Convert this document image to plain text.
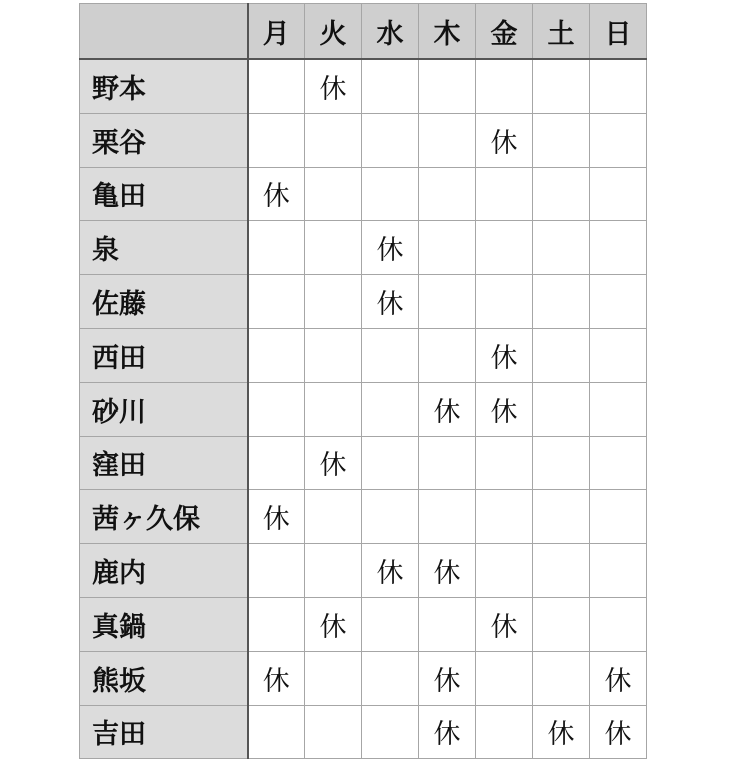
	月	火	水	木	金	土	日
野本		休					
栗谷					休		
亀田	休						
泉			休				
佐藤			休				
西田					休		
砂川				休	休		
窪田		休					
茜ヶ久保	休						
鹿内			休	休			
真鍋		休			休		
熊坂	休			休			休
吉田				休		休	休
